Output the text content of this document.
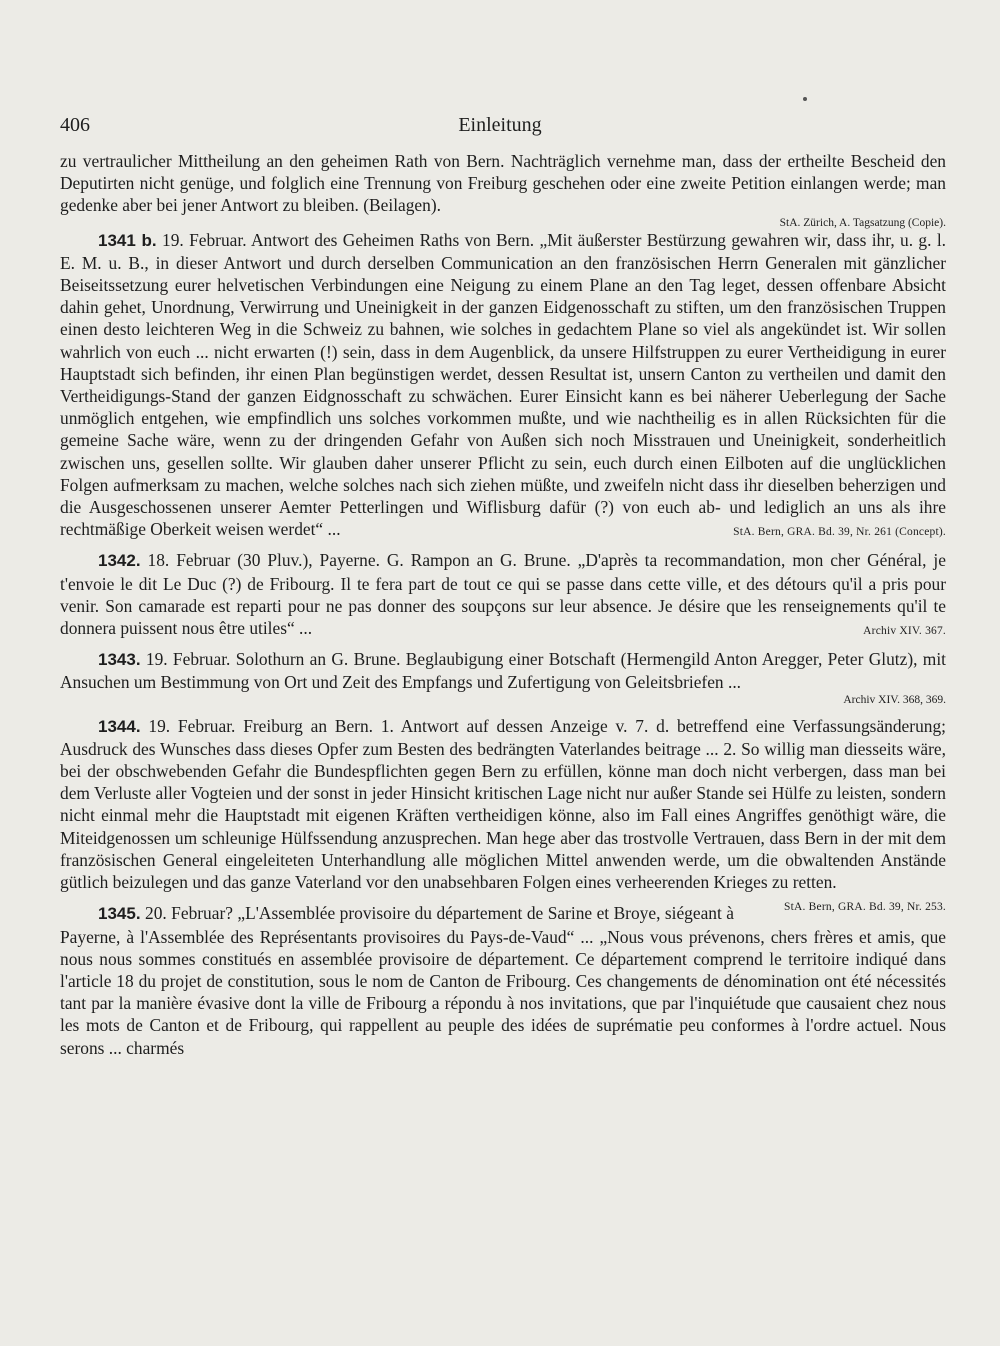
406	Einleitung

zu vertraulicher Mittheilung an den geheimen Rath von Bern. Nachträglich vernehme man, dass der ertheilte Bescheid den Deputirten nicht genüge, und folglich eine Trennung von Freiburg geschehen oder eine zweite Petition einlangen werde; man gedenke aber bei jener Antwort zu bleiben. (Beilagen).

StA. Zürich, A. Tagsatzung (Copie).

1341 b. 19. Februar. Antwort des Geheimen Raths von Bern. „Mit äußerster Bestürzung gewahren wir, dass ihr, u. g. l. E. M. u. B., in dieser Antwort und durch derselben Communication an den französischen Herrn Generalen mit gänzlicher Beiseitssetzung eurer helvetischen Verbindungen eine Neigung zu einem Plane an den Tag leget, dessen offenbare Absicht dahin gehet, Unordnung, Verwirrung und Uneinigkeit in der ganzen Eidgenosschaft zu stiften, um den französischen Truppen einen desto leichteren Weg in die Schweiz zu bahnen, wie solches in gedachtem Plane so viel als angekündet ist. Wir sollen wahrlich von euch ... nicht erwarten (!) sein, dass in dem Augenblick, da unsere Hilfstruppen zu eurer Vertheidigung in eurer Hauptstadt sich befinden, ihr einen Plan begünstigen werdet, dessen Resultat ist, unsern Canton zu vertheilen und damit den Vertheidigungs-Stand der ganzen Eidgnosschaft zu schwächen. Eurer Einsicht kann es bei näherer Ueberlegung der Sache unmöglich entgehen, wie empfindlich uns solches vorkommen mußte, und wie nachtheilig es in allen Rücksichten für die gemeine Sache wäre, wenn zu der dringenden Gefahr von Außen sich noch Misstrauen und Uneinigkeit, sonderheitlich zwischen uns, gesellen sollte. Wir glauben daher unserer Pflicht zu sein, euch durch einen Eilboten auf die unglücklichen Folgen aufmerksam zu machen, welche solches nach sich ziehen müßte, und zweifeln nicht dass ihr dieselben beherzigen und die Ausgeschossenen unserer Aemter Petterlingen und Wiflisburg dafür (?) von euch ab- und lediglich an uns als ihre rechtmäßige Oberkeit weisen werdet“ ...	StA. Bern, GRA. Bd. 39, Nr. 261 (Concept).

1342. 18. Februar (30 Pluv.), Payerne. G. Rampon an G. Brune. „D'après ta recommandation, mon cher Général, je t'envoie le dit Le Duc (?) de Fribourg. Il te fera part de tout ce qui se passe dans cette ville, et des détours qu'il a pris pour venir. Son camarade est reparti pour ne pas donner des soupçons sur leur absence. Je désire que les renseignements qu'il te donnera puissent nous être utiles“ ...	Archiv XIV. 367.

1343. 19. Februar. Solothurn an G. Brune. Beglaubigung einer Botschaft (Hermengild Anton Aregger, Peter Glutz), mit Ansuchen um Bestimmung von Ort und Zeit des Empfangs und Zufertigung von Geleitsbriefen ...

Archiv XIV. 368, 369.

1344. 19. Februar. Freiburg an Bern. 1. Antwort auf dessen Anzeige v. 7. d. betreffend eine Verfassungsänderung; Ausdruck des Wunsches dass dieses Opfer zum Besten des bedrängten Vaterlandes beitrage ... 2. So willig man diesseits wäre, bei der obschwebenden Gefahr die Bundespflichten gegen Bern zu erfüllen, könne man doch nicht verbergen, dass man bei dem Verluste aller Vogteien und der sonst in jeder Hinsicht kritischen Lage nicht nur außer Stande sei Hülfe zu leisten, sondern nicht einmal mehr die Hauptstadt mit eigenen Kräften vertheidigen könne, also im Fall eines Angriffes genöthigt wäre, die Miteidgenossen um schleunige Hülfssendung anzusprechen. Man hege aber das trostvolle Vertrauen, dass Bern in der mit dem französischen General eingeleiteten Unterhandlung alle möglichen Mittel anwenden werde, um die obwaltenden Anstände gütlich beizulegen und das ganze Vaterland vor den unabsehbaren Folgen eines verheerenden Krieges zu retten.
StA. Bern, GRA. Bd. 39, Nr. 253.

1345. 20. Februar? „L'Assemblée provisoire du département de Sarine et Broye, siégeant à Payerne, à l'Assemblée des Représentants provisoires du Pays-de-Vaud“ ... „Nous vous prévenons, chers frères et amis, que nous nous sommes constitués en assemblée provisoire de département. Ce département comprend le territoire indiqué dans l'article 18 du projet de constitution, sous le nom de Canton de Fribourg. Ces changements de dénomination ont été nécessités tant par la manière évasive dont la ville de Fribourg a répondu à nos invitations, que par l'inquiétude que causaient chez nous les mots de Canton et de Fribourg, qui rappellent au peuple des idées de suprématie peu conformes à l'ordre actuel. Nous serons ... charmés
